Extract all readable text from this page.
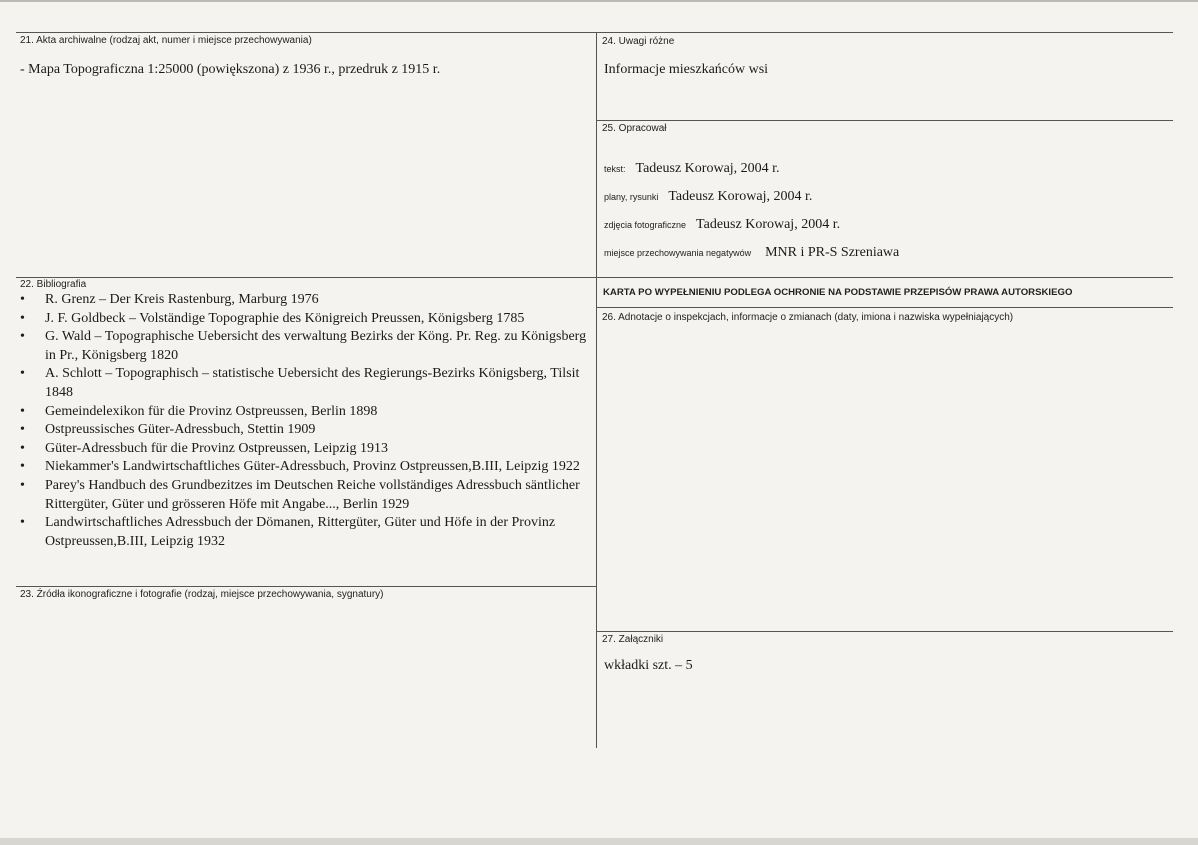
21. Akta archiwalne (rodzaj akt, numer i miejsce przechowywania)
- Mapa Topograficzna 1:25000 (powiększona) z 1936 r., przedruk z 1915 r.
22. Bibliografia
• R. Grenz – Der Kreis Rastenburg, Marburg 1976
• J. F. Goldbeck – Volständige Topographie des Königreich Preussen, Königsberg 1785
• G. Wald – Topographische Uebersicht des verwaltung Bezirks der Köng. Pr. Reg. zu Königsberg in Pr., Königsberg 1820
• A. Schlott – Topographisch – statistische Uebersicht des Regierungs-Bezirks Königsberg, Tilsit 1848
• Gemeindelexikon für die Provinz Ostpreussen, Berlin 1898
• Ostpreussisches Güter-Adressbuch, Stettin 1909
• Güter-Adressbuch für die Provinz Ostpreussen, Leipzig 1913
• Niekammer's Landwirtschaftliches Güter-Adressbuch, Provinz Ostpreussen,B.III, Leipzig 1922
• Parey's Handbuch des Grundbezitzes im Deutschen Reiche vollständiges Adressbuch säntlicher Rittergüter, Güter und grösseren Höfe mit Angabe..., Berlin 1929
• Landwirtschaftliches Adressbuch der Dömanen, Rittergüter, Güter und Höfe in der Provinz Ostpreussen,B.III, Leipzig 1932
23. Źródła ikonograficzne i fotografie (rodzaj, miejsce przechowywania, sygnatury)
24. Uwagi różne
Informacje mieszkańców wsi
25. Opracował
tekst: Tadeusz Korowaj, 2004 r.
plany, rysunki Tadeusz Korowaj, 2004 r.
zdjęcia fotograficzne Tadeusz Korowaj, 2004 r.
miejsce przechowywania negatywów MNR i PR-S Szreniawa
KARTA PO WYPEŁNIENIU PODLEGA OCHRONIE NA PODSTAWIE PRZEPISÓW PRAWA AUTORSKIEGO
26. Adnotacje o inspekcjach, informacje o zmianach (daty, imiona i nazwiska wypełniających)
27. Załączniki
wkładki szt. – 5
